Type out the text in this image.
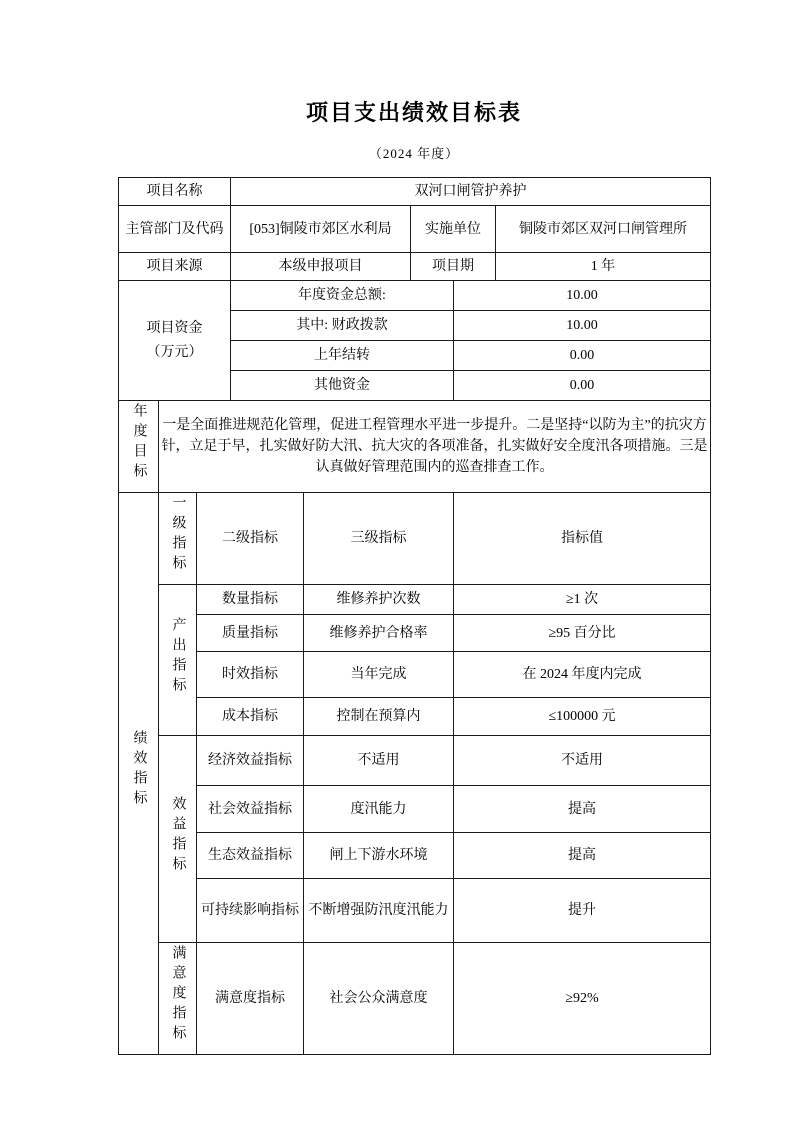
项目支出绩效目标表
（2024 年度）
项目名称			双河口闸管护养护				
主管部门及代码			[053]铜陵市郊区水利局		实施单位		铜陵市郊区双河口闸管理所
项目来源			本级申报项目		项目期		1 年

项目资金
（万元）			年度资金总额:			10.00	
			其中: 财政拨款			10.00	
			上年结转			0.00	
			其他资金			0.00	
年度目标	一是全面推进规范化管理，促进工程管理水平进一步提升。二是坚持“以防为主”的抗灾方针，立足于早，扎实做好防大汛、抗大灾的各项准备，扎实做好安全度汛各项措施。三是认真做好管理范围内的巡查排查工作。						
绩效指标	一级指标	二级指标		三级指标		指标值	
	产出指标	数量指标		维修养护次数		≥1 次	
		质量指标		维修养护合格率		≥95 百分比	
		时效指标		当年完成		在 2024 年度内完成	
		成本指标		控制在预算内		≤100000 元	
	效益指标	经济效益指标		不适用		不适用	
		社会效益指标		度汛能力		提高	
		生态效益指标		闸上下游水环境		提高	
		可持续影响指标		不断增强防汛度汛能力		提升	
	满意度指标	满意度指标		社会公众满意度		≥92%	
